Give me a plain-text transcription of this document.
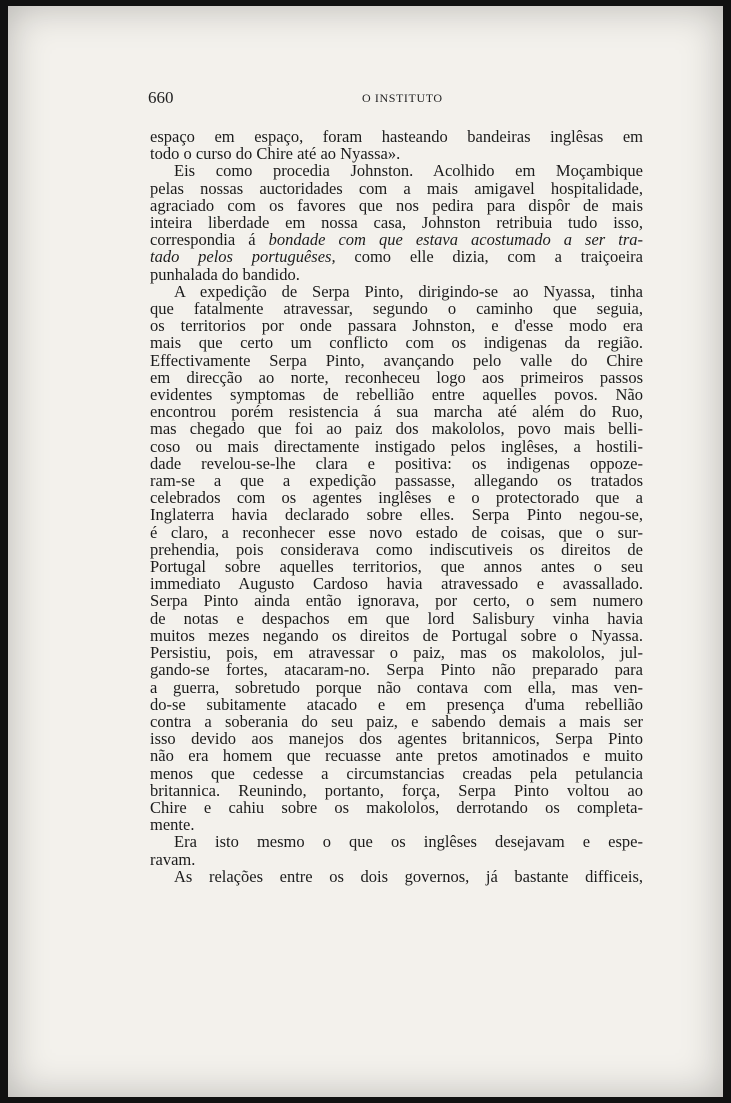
660	O INSTITUTO
espaço em espaço, foram hasteando bandeiras inglêsas em
todo o curso do Chire até ao Nyassa».
Eis como procedia Johnston. Acolhido em Moçambique
pelas nossas auctoridades com a mais amigavel hospitalidade,
agraciado com os favores que nos pedira para dispôr de mais
inteira liberdade em nossa casa, Johnston retribuia tudo isso,
correspondia á bondade com que estava acostumado a ser tra-
tado pelos portuguêses, como elle dizia, com a traiçoeira
punhalada do bandido.
A expedição de Serpa Pinto, dirigindo-se ao Nyassa, tinha
que fatalmente atravessar, segundo o caminho que seguia,
os territorios por onde passara Johnston, e d'esse modo era
mais que certo um conflicto com os indigenas da região.
Effectivamente Serpa Pinto, avançando pelo valle do Chire
em direcção ao norte, reconheceu logo aos primeiros passos
evidentes symptomas de rebellião entre aquelles povos. Não
encontrou porém resistencia á sua marcha até além do Ruo,
mas chegado que foi ao paiz dos makololos, povo mais belli-
coso ou mais directamente instigado pelos inglêses, a hostili-
dade revelou-se-lhe clara e positiva: os indigenas oppoze-
ram-se a que a expedição passasse, allegando os tratados
celebrados com os agentes inglêses e o protectorado que a
Inglaterra havia declarado sobre elles. Serpa Pinto negou-se,
é claro, a reconhecer esse novo estado de coisas, que o sur-
prehendia, pois considerava como indiscutiveis os direitos de
Portugal sobre aquelles territorios, que annos antes o seu
immediato Augusto Cardoso havia atravessado e avassallado.
Serpa Pinto ainda então ignorava, por certo, o sem numero
de notas e despachos em que lord Salisbury vinha havia
muitos mezes negando os direitos de Portugal sobre o Nyassa.
Persistiu, pois, em atravessar o paiz, mas os makololos, jul-
gando-se fortes, atacaram-no. Serpa Pinto não preparado para
a guerra, sobretudo porque não contava com ella, mas ven-
do-se subitamente atacado e em presença d'uma rebellião
contra a soberania do seu paiz, e sabendo demais a mais ser
isso devido aos manejos dos agentes britannicos, Serpa Pinto
não era homem que recuasse ante pretos amotinados e muito
menos que cedesse a circumstancias creadas pela petulancia
britannica. Reunindo, portanto, força, Serpa Pinto voltou ao
Chire e cahiu sobre os makololos, derrotando os completa-
mente.
Era isto mesmo o que os inglêses desejavam e espe-
ravam.
As relações entre os dois governos, já bastante difficeis,
